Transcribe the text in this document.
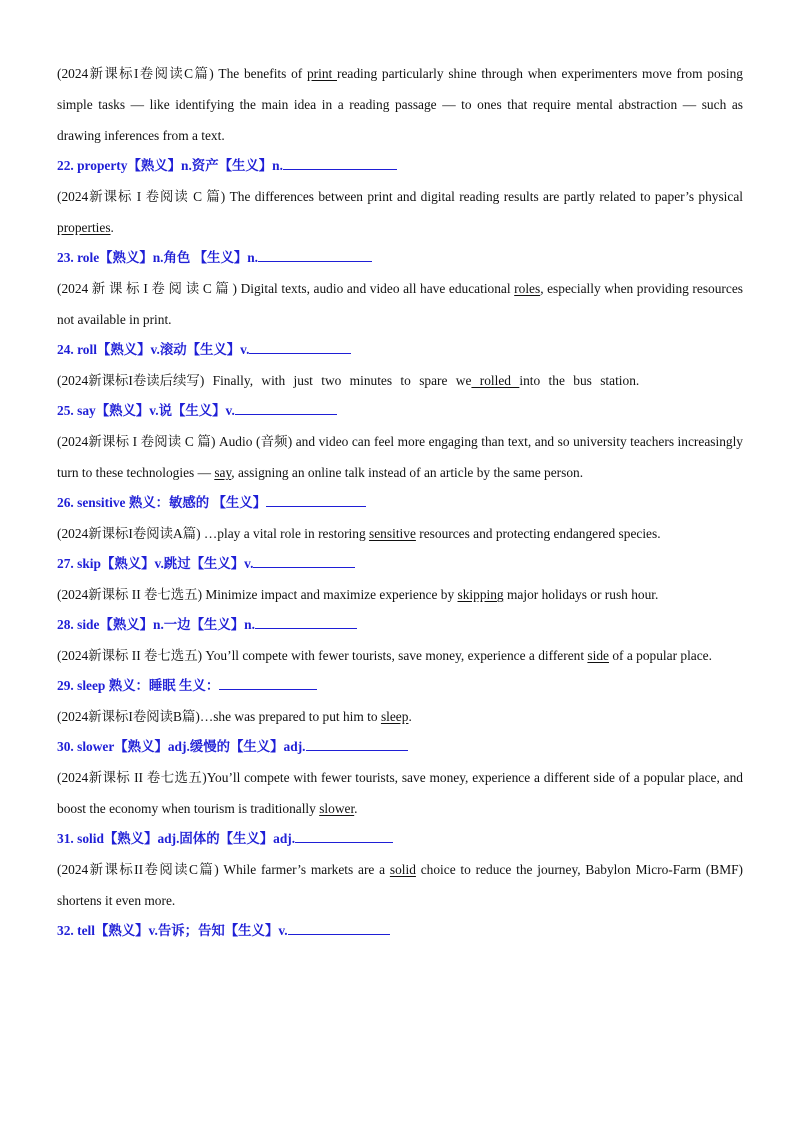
(2024新课标I卷阅读C篇) The benefits of print reading particularly shine through when experimenters move from posing simple tasks — like identifying the main idea in a reading passage — to ones that require mental abstraction — such as drawing inferences from a text.

22. property【熟义】n.资产【生义】n.

(2024新课标 I 卷阅读 C 篇) The differences between print and digital reading results are partly related to paper’s physical properties.

23. role【熟义】n.角色 【生义】n.

(2024 新 课 标 I 卷 阅 读 C 篇 ) Digital texts, audio and video all have educational roles, especially when providing resources not available in print.

24. roll【熟义】v.滚动【生义】v.

(2024新课标I卷读后续写) Finally, with just two minutes to spare we rolled into the bus station.

25. say【熟义】v.说【生义】v.

(2024新课标 I 卷阅读 C 篇) Audio (音频) and video can feel more engaging than text, and so university teachers increasingly turn to these technologies — say, assigning an online talk instead of an article by the same person.

26. sensitive 熟义：敏感的 【生义】

(2024新课标I卷阅读A篇) …play a vital role in restoring sensitive resources and protecting endangered species.

27. skip【熟义】v.跳过【生义】v.

(2024新课标 II 卷七选五) Minimize impact and maximize experience by skipping major holidays or rush hour.

28. side【熟义】n.一边【生义】n.

(2024新课标 II 卷七选五) You’ll compete with fewer tourists, save money, experience a different side of a popular place.

29. sleep 熟义：睡眠 生义：

(2024新课标I卷阅读B篇)…she was prepared to put him to sleep.

30. slower【熟义】adj.缓慢的【生义】adj.

(2024新课标 II 卷七选五)You’ll compete with fewer tourists, save money, experience a different side of a popular place, and boost the economy when tourism is traditionally slower.

31. solid【熟义】adj.固体的【生义】adj.

(2024新课标II卷阅读C篇) While farmer’s markets are a solid choice to reduce the journey, Babylon Micro-Farm (BMF) shortens it even more.

32. tell【熟义】v.告诉；告知【生义】v.
